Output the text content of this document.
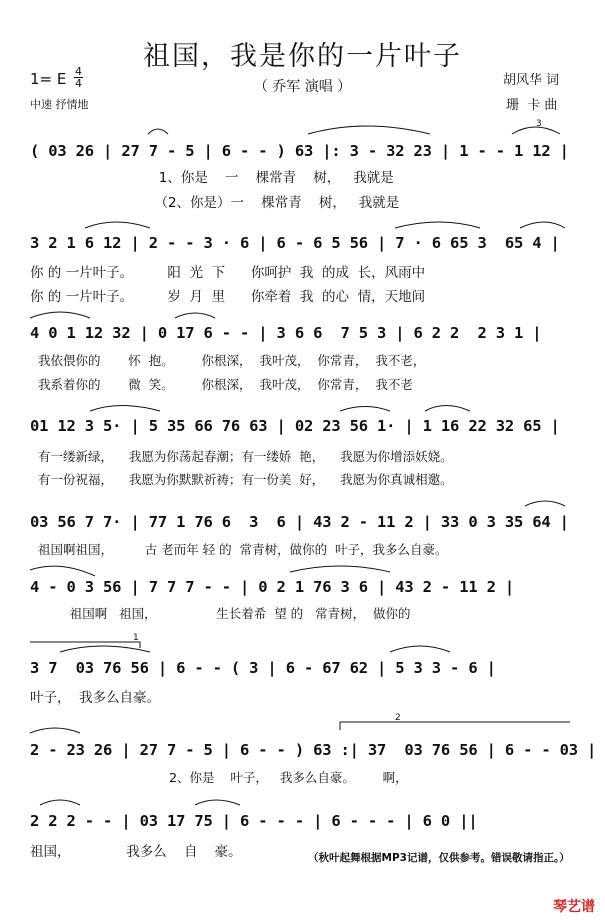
祖国，我是你的一片叶子
（ 乔军 演唱 ）
1= E 4
4
中速 抒情地
胡风华 词
珊  卡 曲
( 03 26 | 27 7 - 5 | 6 - - ) 63 |: 3 - 32 23 | 1 - - 1 12 |
1、你是    一    棵常青    树，   我就是
（2、你是）一    棵常青    树，   我就是
3 2 1 6 12 | 2 - - 3 · 6 | 6 - 6 5 56 | 7 · 6 65 3  65 4 |
你 的 一片叶子。        阳  光  下      你呵护  我  的成  长，风雨中
你 的 一片叶子。        岁  月  里      你牵着  我  的心  情，天地间
4 0 1 12 32 | 0 17 6 - - | 3 6 6  7 5 3 | 6 2 2  2 3 1 |
我依偎你的       怀  抱。       你根深，  我叶茂，  你常青，  我不老，
我系着你的       微  笑。       你根深，  我叶茂，  你常青，  我不老
01 12 3 5· | 5 35 66 76 63 | 02 23 56 1· | 1 16 22 32 65 |
有一缕新绿，    我愿为你荡起春潮；有一缕娇  艳，    我愿为你增添妖娆。
有一份祝福，    我愿为你默默祈祷；有一份美  好，    我愿为你真诚相邀。
03 56 7 7· | 77 1 76 6  3  6 | 43 2 - 11 2 | 33 0 3 35 64 |
祖国啊祖国，        古 老而年 轻 的  常青树，做你的  叶子，我多么自豪。
4 - 0 3 56 | 7 7 7 - - | 0 2 1 76 3 6 | 43 2 - 11 2 |
祖国啊   祖国，               生长着希  望 的   常青树，  做你的
3 7  03 76 56 | 6 - - ( 3 | 6 - 67 62 | 5 3 3 - 6 |
叶子，  我多么自豪。
2 - 23 26 | 27 7 - 5 | 6 - - ) 63 :| 37  03 76 56 | 6 - - 03 |
2、你是    叶子，   我多么自豪。       啊，
2 2 2 - - | 03 17 75 | 6 - - - | 6 - - - | 6 0 ||
祖国，             我多么    自    豪。	（秋叶起舞根据MP3记谱，仅供参考。错误敬请指正。）
1
2
3
琴艺谱
